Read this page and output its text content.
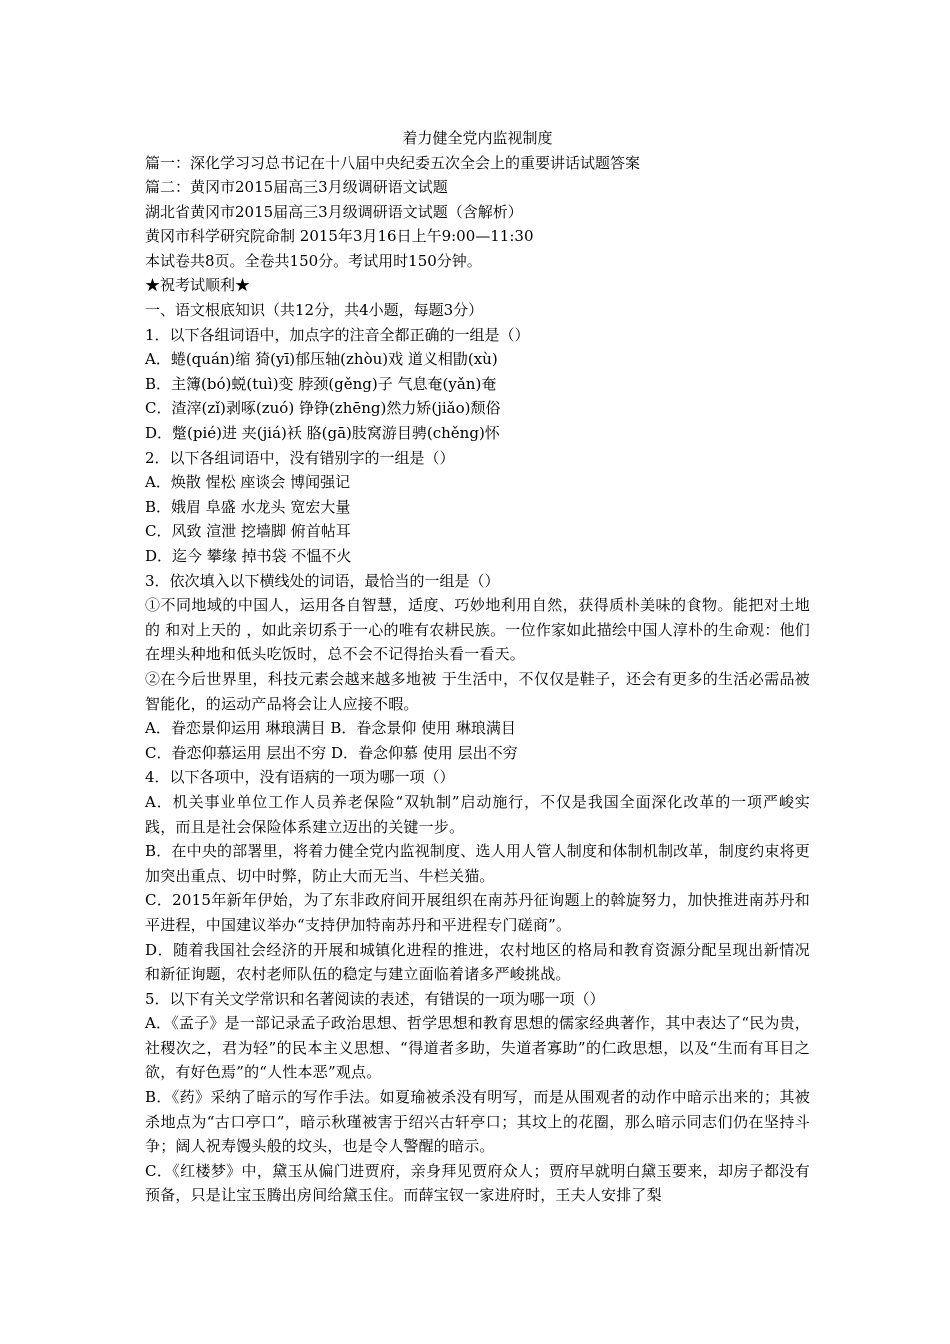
着力健全党内监视制度

篇一：深化学习习总书记在十八届中央纪委五次全会上的重要讲话试题答案

篇二：黄冈市2015届高三3月级调研语文试题

湖北省黄冈市2015届高三3月级调研语文试题（含解析）

黄冈市科学研究院命制 2015年3月16日上午9:00—11:30

本试卷共8页。全卷共150分。考试用时150分钟。

★祝考试顺利★

一、语文根底知识（共12分，共4小题，每题3分）

1．以下各组词语中，加点字的注音全都正确的一组是（）

A．蜷(quán)缩 猗(yī)郁压轴(zhòu)戏 道义相勖(xù)

B．主簿(bó)蜕(tuì)变 脖颈(gěng)子 气息奄(yǎn)奄

C．渣滓(zǐ)剥啄(zuó) 铮铮(zhēng)然力矫(jiǎo)颓俗

D．蹩(pié)进 夹(jiá)袄 胳(gā)肢窝游目骋(chěng)怀

2．以下各组词语中，没有错别字的一组是（）

A．焕散 惺松 座谈会 博闻强记

B．娥眉 阜盛 水龙头 宽宏大量

C．风致 渲泄 挖墙脚 俯首帖耳

D．迄今 攀缘 掉书袋 不愠不火

3．依次填入以下横线处的词语，最恰当的一组是（）

①不同地域的中国人，运用各自智慧，适度、巧妙地利用自然，获得质朴美味的食物。能把对土地的 和对上天的 ，如此亲切系于一心的唯有农耕民族。一位作家如此描绘中国人淳朴的生命观：他们在埋头种地和低头吃饭时，总不会不记得抬头看一看天。

②在今后世界里，科技元素会越来越多地被 于生活中，不仅仅是鞋子，还会有更多的生活必需品被智能化，的运动产品将会让人应接不暇。

A．眷恋景仰运用 琳琅满目 B．眷念景仰 使用 琳琅满目

C．眷恋仰慕运用 层出不穷 D．眷念仰慕 使用 层出不穷

4．以下各项中，没有语病的一项为哪一项（）

A．机关事业单位工作人员养老保险“双轨制”启动施行，不仅是我国全面深化改革的一项严峻实践，而且是社会保险体系建立迈出的关键一步。

B．在中央的部署里，将着力健全党内监视制度、选人用人管人制度和体制机制改革，制度约束将更加突出重点、切中时弊，防止大而无当、牛栏关猫。

C．2015年新年伊始，为了东非政府间开展组织在南苏丹征询题上的斡旋努力，加快推进南苏丹和平进程，中国建议举办“支持伊加特南苏丹和平进程专门磋商”。

D．随着我国社会经济的开展和城镇化进程的推进，农村地区的格局和教育资源分配呈现出新情况和新征询题，农村老师队伍的稳定与建立面临着诸多严峻挑战。

5．以下有关文学常识和名著阅读的表述，有错误的一项为哪一项（）

A．《孟子》是一部记录孟子政治思想、哲学思想和教育思想的儒家经典著作，其中表达了“民为贵，社稷次之，君为轻”的民本主义思想、“得道者多助，失道者寡助”的仁政思想，以及“生而有耳目之欲，有好色焉”的“人性本恶”观点。

B．《药》采纳了暗示的写作手法。如夏瑜被杀没有明写，而是从围观者的动作中暗示出来的；其被杀地点为“古口亭口”，暗示秋瑾被害于绍兴古轩亭口；其坟上的花圈，那么暗示同志们仍在坚持斗争；阔人祝寿馒头般的坟头，也是令人警醒的暗示。

C．《红楼梦》中，黛玉从偏门进贾府，亲身拜见贾府众人；贾府早就明白黛玉要来，却房子都没有预备，只是让宝玉腾出房间给黛玉住。而薛宝钗一家进府时，王夫人安排了梨
